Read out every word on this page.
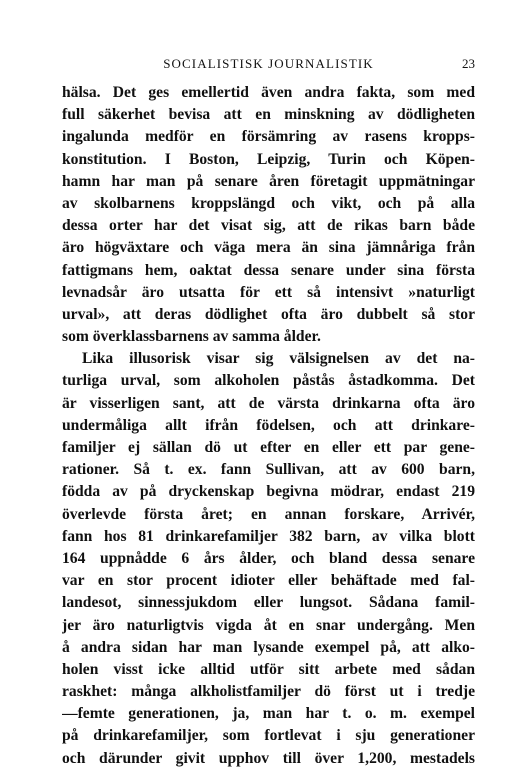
SOCIALISTISK JOURNALISTIK	23
hälsa. Det ges emellertid även andra fakta, som med
full säkerhet bevisa att en minskning av dödligheten
ingalunda medför en försämring av rasens kropps-
konstitution. I Boston, Leipzig, Turin och Köpen-
hamn har man på senare åren företagit uppmätningar
av skolbarnens kroppslängd och vikt, och på alla
dessa orter har det visat sig, att de rikas barn både
äro högväxtare och väga mera än sina jämnåriga från
fattigmans hem, oaktat dessa senare under sina första
levnadsår äro utsatta för ett så intensivt »naturligt
urval», att deras dödlighet ofta äro dubbelt så stor
som överklassbarnens av samma ålder.
Lika illusorisk visar sig välsignelsen av det na-
turliga urval, som alkoholen påstås åstadkomma. Det
är visserligen sant, att de värsta drinkarna ofta äro
undermåliga allt ifrån födelsen, och att drinkare-
familjer ej sällan dö ut efter en eller ett par gene-
rationer. Så t. ex. fann Sullivan, att av 600 barn,
födda av på dryckenskap begivna mödrar, endast 219
överlevde första året; en annan forskare, Arrivér,
fann hos 81 drinkarefamiljer 382 barn, av vilka blott
164 uppnådde 6 års ålder, och bland dessa senare
var en stor procent idioter eller behäftade med fal-
landesot, sinnessjukdom eller lungsot. Sådana famil-
jer äro naturligtvis vigda åt en snar undergång. Men
å andra sidan har man lysande exempel på, att alko-
holen visst icke alltid utför sitt arbete med sådan
raskhet: många alkholistfamiljer dö först ut i tredje
—femte generationen, ja, man har t. o. m. exempel
på drinkarefamiljer, som fortlevat i sju generationer
och därunder givit upphov till över 1,200, mestadels
